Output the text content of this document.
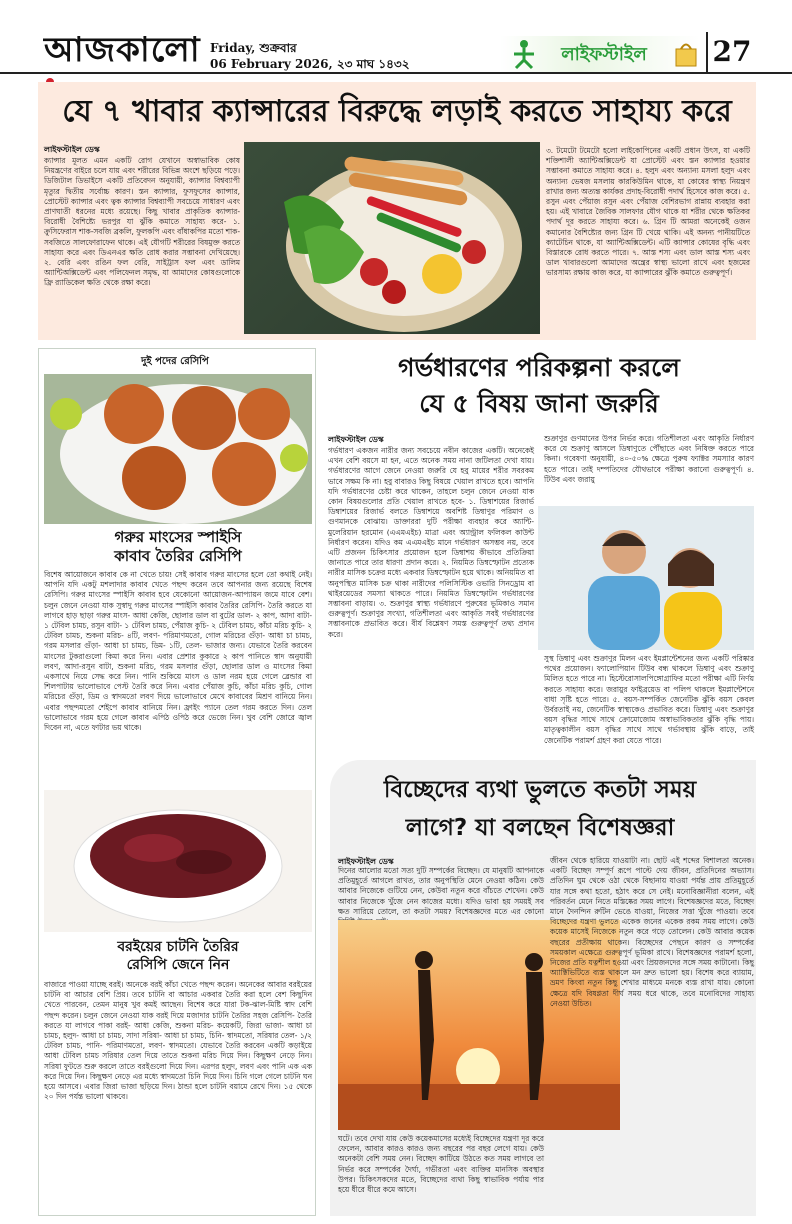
আজকালো Friday, শুক্রবার
06 February 2026, ২৩ মাঘ ১৪৩২	লাইফস্টাইল	27
যে ৭ খাবার ক্যান্সারের বিরুদ্ধে লড়াই করতে সাহায্য করে
লাইফস্টাইল ডেস্ক
ক্যান্সার মূলত এমন একটি রোগ যেখানে অস্বাভাবিক কোষ নিয়ন্ত্রণের বাইরে চলে যায় এবং শরীরের বিভিন্ন অংশে ছড়িয়ে পড়ে। ডিজিটাল ডিভাইসে একটি প্রতিবেদন অনুযায়ী, ক্যান্সার বিশ্বব্যাপী মৃত্যুর দ্বিতীয় সর্বোচ্চ কারণ। স্তন ক্যান্সার, ফুসফুসের ক্যান্সার, প্রোস্টেট ক্যান্সার এবং ত্বক ক্যান্সার বিশ্বব্যাপী সবচেয়ে সাধারণ এবং প্রাণঘাতী ধরনের মধ্যে রয়েছে। কিছু খাবার প্রাকৃতিক ক্যান্সার-বিরোধী বৈশিষ্ট্যে ভরপুর যা ঝুঁকি কমাতে সাহায্য করে- ১. ক্রুসিফেরাস শাক-সবজি ব্রকলি, ফুলকপি এবং বাঁধাকপির মতো শাক-সবজিতে সালফোরাফেন থাকে। এই যৌগটি শরীরের বিষমুক্ত করতে সাহায্য করে এবং ডিএনএর ক্ষতি রোধ করার সম্ভাবনা দেখিয়েছে। ২. বেরি এবং রঙিন ফল বেরি, সাইট্রাস ফল এবং ডালিম অ্যান্টিঅক্সিডেন্ট এবং পলিফেনল সমৃদ্ধ, যা আমাদের কোষগুলোকে ফ্রি র‍্যাডিকেল ক্ষতি থেকে রক্ষা করে।
৩. টমেটো টমেটো হলো লাইকোপিনের একটি প্রধান উৎস, যা একটি শক্তিশালী অ্যান্টিঅক্সিডেন্ট যা প্রোস্টেট এবং স্তন ক্যান্সার হওয়ার সম্ভাবনা কমাতে সাহায্য করে। ৪. হলুদ এবং অন্যান্য মসলা হলুদ এবং অন্যান্য ভেষজ মসলায় কারকিউমিন থাকে, যা কোষের স্বাস্থ্য নিয়ন্ত্রণ রাখার জন্য অত্যন্ত কার্যকর প্রদাহ-বিরোধী পদার্থ হিসেবে কাজ করে। ৫. রসুন এবং পেঁয়াজ রসুন এবং পেঁয়াজ বেশিরভাগ রান্নায় ব্যবহার করা হয়। এই খাবারে জৈবিক সালফার যৌগ থাকে যা শরীর থেকে ক্ষতিকর পদার্থ দূর করতে সাহায্য করে। ৬. গ্রিন টি আমরা অনেকেই ওজন কমানোর বৈশিষ্ট্যের জন্য গ্রিন টি খেয়ে থাকি। এই অনন্য পানীয়টিতে ক্যাটেচিন থাকে, যা অ্যান্টিঅক্সিডেন্ট। এটি ক্যান্সার কোষের বৃদ্ধি এবং বিস্তারকে রোধ করতে পারে। ৭. আস্ত শস্য এবং ডাল আস্ত শস্য এবং ডাল খাবারগুলো আমাদের অন্ত্রের স্বাস্থ্য ভালো রাখে এবং হজমের ভারসাম্য রক্ষায় কাজ করে, যা ক্যান্সারের ঝুঁকি কমাতে গুরুত্বপূর্ণ।
দুই পদের রেসিপি
গরুর মাংসের স্পাইসি
কাবাব তৈরির রেসিপি
বিশেষ আয়োজনে কাবাব কে না খেতে চায়! সেই কাবাব গরুর মাংসের হলে তো কথাই নেই। আপনি যদি একটু মশলাদার কাবাব খেতে পছন্দ করেন তবে আপনার জন্য রয়েছে বিশেষ রেসিপি। গরুর মাংসের স্পাইসি কাবাব হবে যেকোনো আয়োজন-আপ্যায়ন জমে যাবে বেশ। চলুন জেনে নেওয়া যাক সুস্বাদু গরুর মাংসের স্পাইসি কাবাব তৈরির রেসিপি- তৈরি করতে যা লাগবে হাড় ছাড়া গরুর মাংস- আধা কেজি, ছোলার ডাল বা বুটের ডাল- ২ কাপ, আদা বাটা- ১ টেবিল চামচ, রসুন বাটা- ১ টেবিল চামচ, পেঁয়াজ কুচি- ২ টেবিল চামচ, কাঁচা মরিচ কুচি- ২ টেবিল চামচ, শুকনা মরিচ- ৪টি, লবণ- পরিমাণমতো, গোল মরিচের গুঁড়া- আধা চা চামচ, গরম মসলার গুঁড়া- আধা চা চামচ, ডিম- ১টি, তেল- ভাজার জন্য। যেভাবে তৈরি করবেন মাংসের টুকরাগুলো কিমা করে নিন। এবার প্রেশার কুকারে ২ কাপ পানিতে স্বাদ অনুযায়ী লবণ, আদা-রসুন বাটা, শুকনা মরিচ, গরম মসলার গুঁড়া, ছোলার ডাল ও মাংসের কিমা একসাথে নিয়ে সেদ্ধ করে নিন। পানি শুকিয়ে মাংস ও ডাল নরম হয়ে গেলে ব্লেন্ডার বা শিলপাটায় ভালোভাবে পেস্ট তৈরি করে নিন। এবার পেঁয়াজ কুচি, কাঁচা মরিচ কুচি, গোল মরিচের গুঁড়া, ডিম ও স্বাদমতো লবণ দিয়ে ভালোভাবে মেখে কাবাবের মিশ্রণ বানিয়ে নিন। এবার পছন্দমতো শেইপে কাবাব বানিয়ে নিন। ফ্রাইং প্যানে তেল গরম করতে দিন। তেল ভালোভাবে গরম হয়ে গেলে কাবাব এপিঠ ওপিঠ করে ভেজে নিন। খুব বেশি জোরে জ্বাল দিবেন না, এতে ফাটার ভয় থাকে।
বরইয়ের চাটনি তৈরির
রেসিপি জেনে নিন
বাজারে পাওয়া যাচ্ছে বরই। অনেকে বরই কাঁচা খেতে পছন্দ করেন। অনেকের আবার বরইয়ের চাটনি বা আচার বেশি প্রিয়। তবে চাটনি বা আচার একবার তৈরি করা হলে বেশ কিছুদিন খেতে পারবেন, তেমন মানুষ খুব কমই আছেন। বিশেষ করে যারা টক-ঝাল-মিষ্টি স্বাদ বেশি পছন্দ করেন। চলুন জেনে নেওয়া যাক বরই দিয়ে মজাদার চাটনি তৈরির সহজ রেসিপি- তৈরি করতে যা লাগবে পাকা বরই- আধা কেজি, শুকনা মরিচ- কয়েকটি, জিরা ভাজা- আধা চা চামচ, হলুদ- আধা চা চামচ, সাদা সরিষা- আধা চা চামচ, চিনি- স্বাদমতো, সরিষার তেল- ১/২ টেবিল চামচ, পানি- পরিমাণমতো, লবণ- স্বাদমতো। যেভাবে তৈরি করবেন একটি কড়াইয়ে আধা টেবিল চামচ সরিষার তেল দিয়ে তাতে শুকনা মরিচ দিয়ে দিন। কিছুক্ষণ নেড়ে নিন। সরিষা ফুটতে শুরু করলে তাতে বরইগুলো দিয়ে দিন। এরপর হলুদ, লবণ এবং পানি এক এক করে দিয়ে দিন। কিছুক্ষণ নেড়ে এর মধ্যে স্বাদমতো চিনি দিয়ে দিন। চিনি গলে গেলে চাটনি ঘন হয়ে আসবে। এবার জিরা ভাজা ছড়িয়ে দিন। ঠান্ডা হলে চাটনি বয়ামে রেখে দিন। ১৫ থেকে ২০ দিন পর্যন্ত ভালো থাকবে।
গর্ভধারণের পরিকল্পনা করলে
যে ৫ বিষয় জানা জরুরি
লাইফস্টাইল ডেস্ক
গর্ভধারণ একজন নারীর জন্য সবচেয়ে নবীন কাজের একটি। অনেকেই এখন বেশি বয়সে মা হন, এতে অনেক সময় নানা জটিলতা দেখা যায়। গর্ভধারণের আগে জেনে নেওয়া জরুরি যে হবু মায়ের শরীর সবরকম ভাবে সক্ষম কি না। হবু বাবারও কিছু বিষয়ে খেয়াল রাখতে হবে। আপনি যদি গর্ভধারণের চেষ্টা করে থাকেন, তাহলে চলুন জেনে নেওয়া যাক কোন বিষয়গুলোর প্রতি খেয়াল রাখতে হবে- ১. ডিম্বাশয়ের রিজার্ভ ডিম্বাশয়ের রিজার্ভ বলতে ডিম্বাশয়ে অবশিষ্ট ডিম্বাণুর পরিমাণ ও গুণমানকে বোঝায়। ডাক্তাররা দুটি পরীক্ষা ব্যবহার করে অ্যান্টি-মুলেরিয়ান হরমোন (এএমএইচ) মাত্রা এবং অ্যান্ট্রাল ফলিকল কাউন্ট নির্ধারণ করেন। যদিও কম এএমএইচ মানে গর্ভধারণ অসম্ভব নয়, তবে এটি প্রজনন চিকিৎসার প্রয়োজন হলে ডিম্বাশয় কীভাবে প্রতিক্রিয়া জানাতে পারে তার ধারণা প্রদান করে। ২. নিয়মিত ডিম্বস্ফোটন প্রত্যেক নারীর মাসিক চক্রের মধ্যে একবার ডিম্বস্ফোটন হয়ে থাকে। অনিয়মিত বা অনুপস্থিত মাসিক চক্র থাকা নারীদের পলিসিস্টিক ওভারি সিনড্রোম বা থাইরয়েডের সমস্যা থাকতে পারে। নিয়মিত ডিম্বস্ফোটন গর্ভধারণের সম্ভাবনা বাড়ায়। ৩. শুক্রাণুর স্বাস্থ্য গর্ভধারণে পুরুষের ভূমিকাও সমান গুরুত্বপূর্ণ। শুক্রাণুর সংখ্যা, গতিশীলতা এবং আকৃতি সবই গর্ভধারণের সম্ভাবনাকে প্রভাবিত করে। বীর্য বিশ্লেষণ সমস্ত গুরুত্বপূর্ণ তথ্য প্রদান করে।
শুক্রাণুর গুণমানের উপর নির্ভর করে। গতিশীলতা এবং আকৃতি নির্ধারণ করে যে শুক্রাণু আসলে ডিম্বাণুতে পৌঁছাতে এবং নিষিক্ত করতে পারে কিনা। গবেষণা অনুযায়ী, ৪০-৫০% ক্ষেত্রে পুরুষ ফ্যাক্টর সমস্যার কারণ হতে পারে। তাই দম্পতিদের যৌথভাবে পরীক্ষা করানো গুরুত্বপূর্ণ। ৪. টিউব এবং জরায়ু
সুস্থ ডিম্বাণু এবং শুক্রাণুর মিলন এবং ইমপ্লান্টেশনের জন্য একটি পরিষ্কার পথের প্রয়োজন। ফ্যালোপিয়ান টিউব বন্ধ থাকলে ডিম্বাণু এবং শুক্রাণু মিলিত হতে পারে না। হিস্টেরোসালপিঙ্গোগ্রাফির মতো পরীক্ষা এটি নির্ণয় করতে সাহায্য করে। জরায়ুর ফাইব্রয়েড বা পলিপ থাকলে ইমপ্লান্টেশনে বাধা সৃষ্টি হতে পারে। ৫. বয়স-সম্পর্কিত জেনেটিক ঝুঁকি বয়স কেবল উর্বরতাই নয়, জেনেটিক স্বাস্থ্যকেও প্রভাবিত করে। ডিম্বাণু এবং শুক্রাণুর বয়স বৃদ্ধির সাথে সাথে ক্রোমোজোম অস্বাভাবিকতার ঝুঁকি বৃদ্ধি পায়। মাতৃত্বকালীন বয়স বৃদ্ধির সাথে সাথে গর্ভাবস্থায় ঝুঁকি বাড়ে, তাই জেনেটিক পরামর্শ গ্রহণ করা যেতে পারে।
বিচ্ছেদের ব্যথা ভুলতে কতটা সময়
লাগে? যা বলছেন বিশেষজ্ঞরা
লাইফস্টাইল ডেস্ক
দিনের আলোর মতো সত্য দুটি সম্পর্কের বিচ্ছেদ। যে মানুষটি আপনাকে প্রতিমুহূর্তে আগলে রাখত, তার অনুপস্থিতি মেনে নেওয়া কঠিন। কেউ আবার নিজেকে গুটিয়ে নেন, কেউবা নতুন করে বাঁচতে শেখেন। কেউ আবার নিজেকে খুঁজে নেন কাজের মধ্যে। যদিও ভাবা হয় সময়ই সব ক্ষত সারিয়ে তোলে, তা কতটা সময়? বিশেষজ্ঞদের মতে এর কোনো
ঘটে। তবে দেখা যায় কেউ কয়েকমাসের মধ্যেই বিচ্ছেদের যন্ত্রণা দূর করে ফেলেন, আবার কারও কারও জন্য বছরের পর বছর লেগে যায়। কেউ অনেকটা বেশি সময় নেন। বিচ্ছেদ কাটিয়ে উঠতে কত সময় লাগবে তা নির্ভর করে সম্পর্কের দৈর্ঘ্য, গভীরতা এবং ব্যক্তির মানসিক অবস্থার উপর। চিকিৎসকদের মতে, বিচ্ছেদের ব্যথা কিছু স্বাভাবিক পর্যায় পার হয়ে ধীরে ধীরে কমে আসে।
জীবন থেকে হারিয়ে যাওয়াটা না। ছোট এই শব্দের বিশালতা অনেক। একটি বিচ্ছেদ সম্পূর্ণ রূপে পাল্টে দেয় জীবন, প্রতিদিনের অভ্যাস। প্রতিদিন ঘুম থেকে ওঠা থেকে বিছানায় যাওয়া পর্যন্ত প্রায় প্রতিমুহূর্তে যার সঙ্গে কথা হতো, হঠাৎ করে সে নেই। মনোবিজ্ঞানীরা বলেন, এই পরিবর্তন মেনে নিতে মস্তিষ্কের সময় লাগে। বিশেষজ্ঞদের মতে, বিচ্ছেদ মানে দৈনন্দিন রুটিন ভেঙে যাওয়া, নিজের সত্তা খুঁজে পাওয়া। তবে বিচ্ছেদের যন্ত্রণা ভুলতে একেক জনের একেক রকম সময় লাগে। কেউ কয়েক মাসেই নিজেকে নতুন করে গড়ে তোলেন। কেউ আবার কয়েক বছরের প্রতীক্ষায় থাকেন। বিচ্ছেদের পেছনে কারণ ও সম্পর্কের সময়কাল এক্ষেত্রে গুরুত্বপূর্ণ ভূমিকা রাখে। বিশেষজ্ঞদের পরামর্শ হলো, নিজের প্রতি যত্নশীল হওয়া এবং প্রিয়জনদের সঙ্গে সময় কাটানো। কিছু অ্যাক্টিভিটিতে ব্যস্ত থাকলে মন দ্রুত ভালো হয়। বিশেষ করে ব্যায়াম, ভ্রমণ কিংবা নতুন কিছু শেখার মাধ্যমে মনকে ব্যস্ত রাখা যায়। কোনো ক্ষেত্রে যদি বিষণ্ণতা দীর্ঘ সময় ধরে থাকে, তবে মনোবিদের সাহায্য নেওয়া উচিত।
